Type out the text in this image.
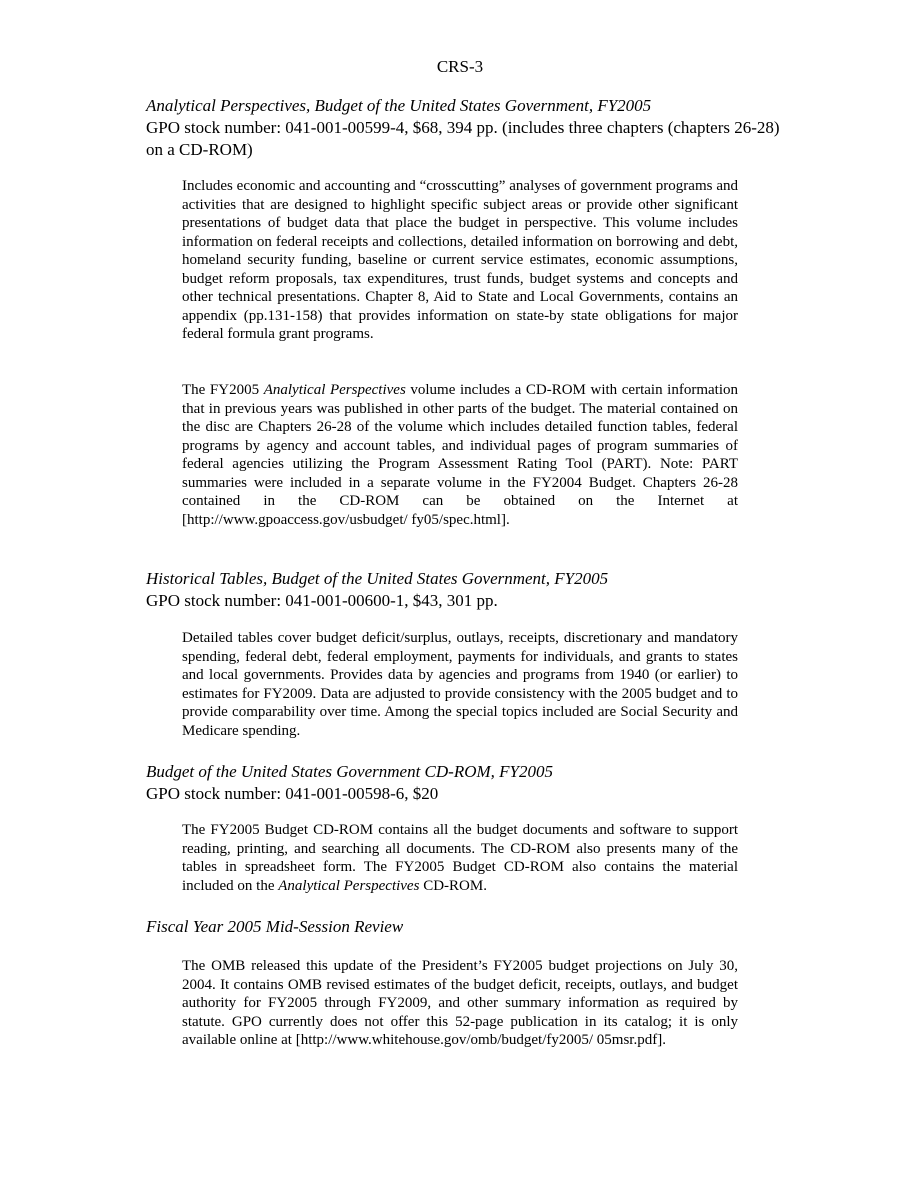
CRS-3
Analytical Perspectives, Budget of the United States Government, FY2005
GPO stock number: 041-001-00599-4, $68, 394 pp. (includes three chapters (chapters 26-28) on a CD-ROM)

Includes economic and accounting and “crosscutting” analyses of government programs and activities that are designed to highlight specific subject areas or provide other significant presentations of budget data that place the budget in perspective. This volume includes information on federal receipts and collections, detailed information on borrowing and debt, homeland security funding, baseline or current service estimates, economic assumptions, budget reform proposals, tax expenditures, trust funds, budget systems and concepts and other technical presentations. Chapter 8, Aid to State and Local Governments, contains an appendix (pp.131-158) that provides information on state-by state obligations for major federal formula grant programs.

The FY2005 Analytical Perspectives volume includes a CD-ROM with certain information that in previous years was published in other parts of the budget. The material contained on the disc are Chapters 26-28 of the volume which includes detailed function tables, federal programs by agency and account tables, and individual pages of program summaries of federal agencies utilizing the Program Assessment Rating Tool (PART). Note: PART summaries were included in a separate volume in the FY2004 Budget. Chapters 26-28 contained in the CD-ROM can be obtained on the Internet at [http://www.gpoaccess.gov/usbudget/ fy05/spec.html].

Historical Tables, Budget of the United States Government, FY2005
GPO stock number: 041-001-00600-1, $43, 301 pp.

Detailed tables cover budget deficit/surplus, outlays, receipts, discretionary and mandatory spending, federal debt, federal employment, payments for individuals, and grants to states and local governments. Provides data by agencies and programs from 1940 (or earlier) to estimates for FY2009. Data are adjusted to provide consistency with the 2005 budget and to provide comparability over time. Among the special topics included are Social Security and Medicare spending.

Budget of the United States Government CD-ROM, FY2005
GPO stock number: 041-001-00598-6, $20

The FY2005 Budget CD-ROM contains all the budget documents and software to support reading, printing, and searching all documents. The CD-ROM also presents many of the tables in spreadsheet form. The FY2005 Budget CD-ROM also contains the material included on the Analytical Perspectives CD-ROM.

Fiscal Year 2005 Mid-Session Review

The OMB released this update of the President’s FY2005 budget projections on July 30, 2004. It contains OMB revised estimates of the budget deficit, receipts, outlays, and budget authority for FY2005 through FY2009, and other summary information as required by statute. GPO currently does not offer this 52-page publication in its catalog; it is only available online at [http://www.whitehouse.gov/omb/budget/fy2005/ 05msr.pdf].
